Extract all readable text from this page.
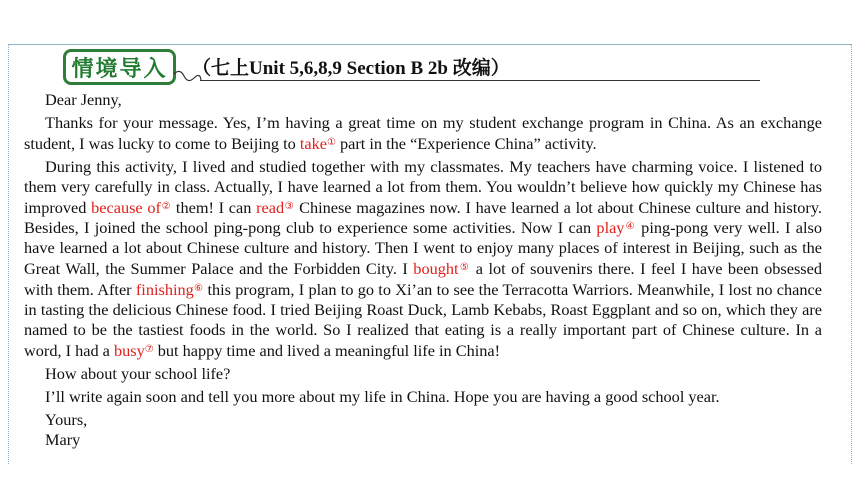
情境导入 （七上Unit 5,6,8,9 Section B 2b 改编）

Dear Jenny,

Thanks for your message. Yes, I’m having a great time on my student exchange program in China. As an exchange student, I was lucky to come to Beijing to take① part in the “Experience China” activity.

During this activity, I lived and studied together with my classmates. My teachers have charming voice. I listened to them very carefully in class. Actually, I have learned a lot from them. You wouldn’t believe how quickly my Chinese has improved because of② them! I can read③ Chinese magazines now. I have learned a lot about Chinese culture and history. Besides, I joined the school ping-pong club to experience some activities. Now I can play④ ping-pong very well. I also have learned a lot about Chinese culture and history. Then I went to enjoy many places of interest in Beijing, such as the Great Wall, the Summer Palace and the Forbidden City. I bought⑤ a lot of souvenirs there. I feel I have been obsessed with them. After finishing⑥ this program, I plan to go to Xi’an to see the Terracotta Warriors. Meanwhile, I lost no chance in tasting the delicious Chinese food. I tried Beijing Roast Duck, Lamb Kebabs, Roast Eggplant and so on, which they are named to be the tastiest foods in the world. So I realized that eating is a really important part of Chinese culture. In a word, I had a busy⑦ but happy time and lived a meaningful life in China!

How about your school life?

I’ll write again soon and tell you more about my life in China. Hope you are having a good school year.

Yours,

Mary
